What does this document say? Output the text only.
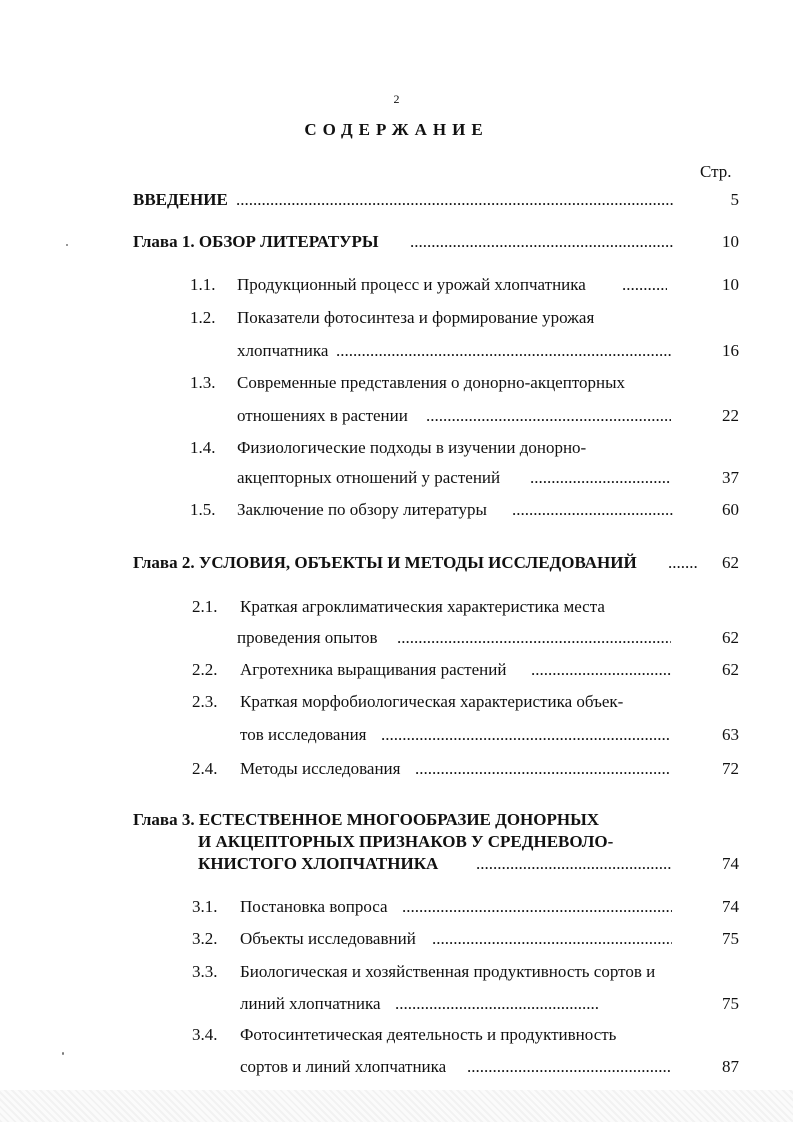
2
СОДЕРЖАНИЕ
Стр.
ВВЕДЕНИЕ .....	5
Глава 1. ОБЗОР ЛИТЕРАТУРЫ .....	10
1.1. Продукционный процесс и урожай хлопчатника .....	10
1.2. Показатели фотосинтеза и формирование урожая
хлопчатника .....	16
1.3. Современные представления о донорно-акцепторных
отношениях в растении .....	22
1.4. Физиологические подходы в изучении донорно-
акцепторных отношений у растений .....	37
1.5. Заключение по обзору литературы .....	60
Глава 2. УСЛОВИЯ, ОБЪЕКТЫ И МЕТОДЫ ИССЛЕДОВАНИЙ .....	62
2.1. Краткая агроклиматическия характеристика места
проведения опытов .....	62
2.2. Агротехника выращивания растений .....	62
2.3. Краткая морфобиологическая характеристика объек-
тов исследования .....	63
2.4. Методы исследования .....	72
Глава 3. ЕСТЕСТВЕННОЕ МНОГООБРАЗИЕ ДОНОРНЫХ
И АКЦЕПТОРНЫХ ПРИЗНАКОВ У СРЕДНЕВОЛО-
КНИСТОГО ХЛОПЧАТНИКА .....	74
3.1. Постановка вопроса .....	74
3.2. Объекты исследовавний .....	75
3.3. Биологическая и хозяйственная продуктивность сортов и
линий хлопчатника .....	75
3.4. Фотосинтетическая деятельность и продуктивность
сортов и линий хлопчатника .....	87
